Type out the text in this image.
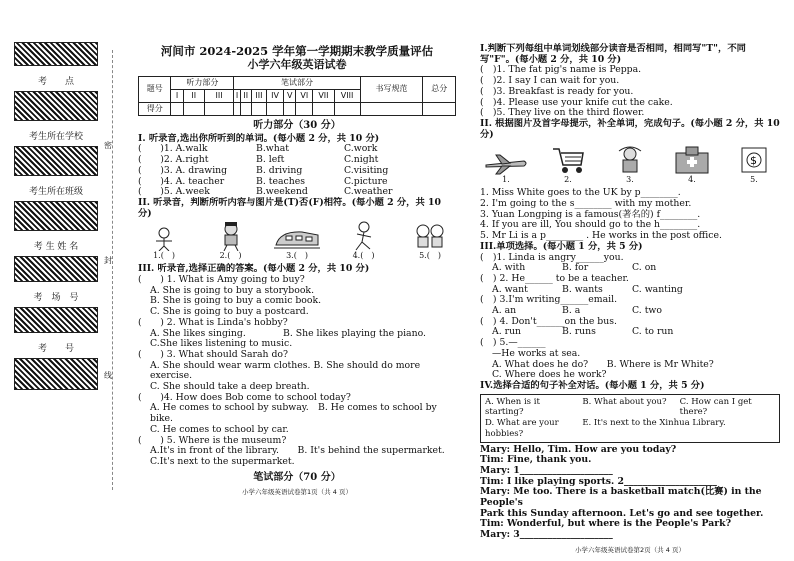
考　　点
考生所在学校
考生所在班级
考 生 姓 名
考　场　号
考　　号
密
封
线
河间市 2024-2025 学年第一学期期末教学质量评估
小学六年级英语试卷
题号	听力部分			笔试部分								书写规范	总分
	I	II	III	I	II	III	IV	V	VI	VII	VIII		
得分													
听力部分（30 分）
I. 听录音,选出你所听到的单词。(每小题 2 分，共 10 分)
(　　)1. A.walk	B.what	C.work
(　　)2. A.right	B. left	C.night
(　　)3. A. drawing	B. driving	C.visiting
(　　)4. A. teacher	B. teaches	C.picture
(　　)5. A.week	B.weekend	C.weather
II. 听录音，判断所听内容与图片是(T)否(F)相符。(每小题 2 分，共 10 分)
1.(　)	2.(　)	3.(　)	4.(　)	5.(　)
III. 听录音,选择正确的答案。(每小题 2 分，共 10 分)
(　　) 1. What is Amy going to buy?
A. She is going to buy a storybook.
B. She is going to buy a comic book.
C. She is going to buy a postcard.
(　　) 2. What is Linda's hobby?
A. She likes singing.　　　　B. She likes playing the piano.
C.She likes listening to music.
(　　) 3. What should Sarah do?
A. She should wear warm clothes. B. She should do more exercise.
C. She should take a deep breath.
(　　)4. How does Bob come to school today?
A. He comes to school by subway.　B. He comes to school by bike.
C. He comes to school by car.
(　　) 5. Where is the museum?
A.It's in front of the library.　　B. It's behind the supermarket.
C.It's next to the supermarket.
笔试部分（70 分）
小学六年级英语试卷第1页（共 4 页）
I.判断下列每组中单词划线部分读音是否相同，相同写"T"，不同写"F"。(每小题 2 分，共 10 分)
(　)1. The fat pig's name is Peppa.
(　)2. I say I can wait for you.
(　)3. Breakfast is ready for you.
(　)4. Please use your knife cut the cake.
(　)5. They live on the third flower.
II. 根据图片及首字母提示，补全单词，完成句子。(每小题 2 分，共 10 分)
1.	2.	3.	4.
$
5.
1. Miss White goes to the UK by p________.
2. I'm going to the s________ with my mother.
3. Yuan Longping is a famous(著名的) f________.
4. If you are ill, You should go to the h________.
5. Mr Li is a p________ . He works in the post office.
III.单项选择。(每小题 1 分，共 5 分)
(　)1. Linda is angry______you.
A. with	B. for	C. on
(　) 2. He______ to be a teacher.
A. want	B. wants	C. wanting
(　) 3.I'm writing______email.
A. an	B. a	C. two
(　) 4. Don't______on the bus.
A. run	B. runs	C. to run
(　) 5.—______
—He works at sea.
A. What does he do?　　B. Where is Mr White?
C. Where does he work?
IV.选择合适的句子补全对话。(每小题 1 分，共 5 分)
A. When is it starting?
B. What about you?	C. How can I get there?
D. What are your hobbies?
E. It's next to the Xinhua Library.
Mary: Hello, Tim. How are you today?
Tim: Fine, thank you.
Mary: 1____________________
Tim: I like playing sports. 2____________________
Mary: Me too. There is a basketball match(比赛) in the People's
Park this Sunday afternoon. Let's go and see together.
Tim: Wonderful, but where is the People's Park?
Mary: 3____________________
小学六年级英语试卷第2页（共 4 页）
